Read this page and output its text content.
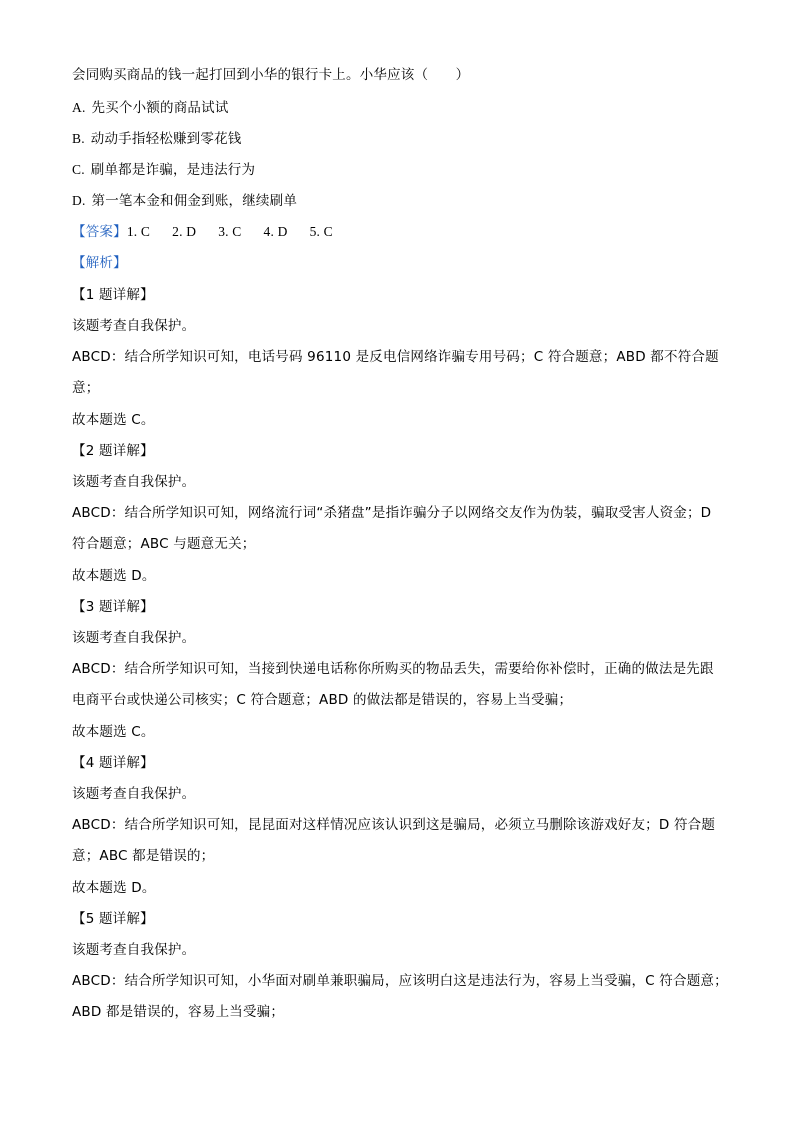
会同购买商品的钱一起打回到小华的银行卡上。小华应该（　　）
A. 先买个小额的商品试试
B. 动动手指轻松赚到零花钱
C. 刷单都是诈骗，是违法行为
D. 第一笔本金和佣金到账，继续刷单
【答案】1. C 2. D 3. C 4. D 5. C
【解析】
【1 题详解】
该题考查自我保护。
ABCD：结合所学知识可知，电话号码 96110 是反电信网络诈骗专用号码；C 符合题意；ABD 都不符合题
意；
故本题选 C。
【2 题详解】
该题考查自我保护。
ABCD：结合所学知识可知，网络流行词“杀猪盘”是指诈骗分子以网络交友作为伪装，骗取受害人资金；D
符合题意；ABC 与题意无关；
故本题选 D。
【3 题详解】
该题考查自我保护。
ABCD：结合所学知识可知，当接到快递电话称你所购买的物品丢失，需要给你补偿时，正确的做法是先跟
电商平台或快递公司核实；C 符合题意；ABD 的做法都是错误的，容易上当受骗；
故本题选 C。
【4 题详解】
该题考查自我保护。
ABCD：结合所学知识可知，昆昆面对这样情况应该认识到这是骗局，必须立马删除该游戏好友；D 符合题
意；ABC 都是错误的；
故本题选 D。
【5 题详解】
该题考查自我保护。
ABCD：结合所学知识可知，小华面对刷单兼职骗局，应该明白这是违法行为，容易上当受骗，C 符合题意；
ABD 都是错误的，容易上当受骗；
